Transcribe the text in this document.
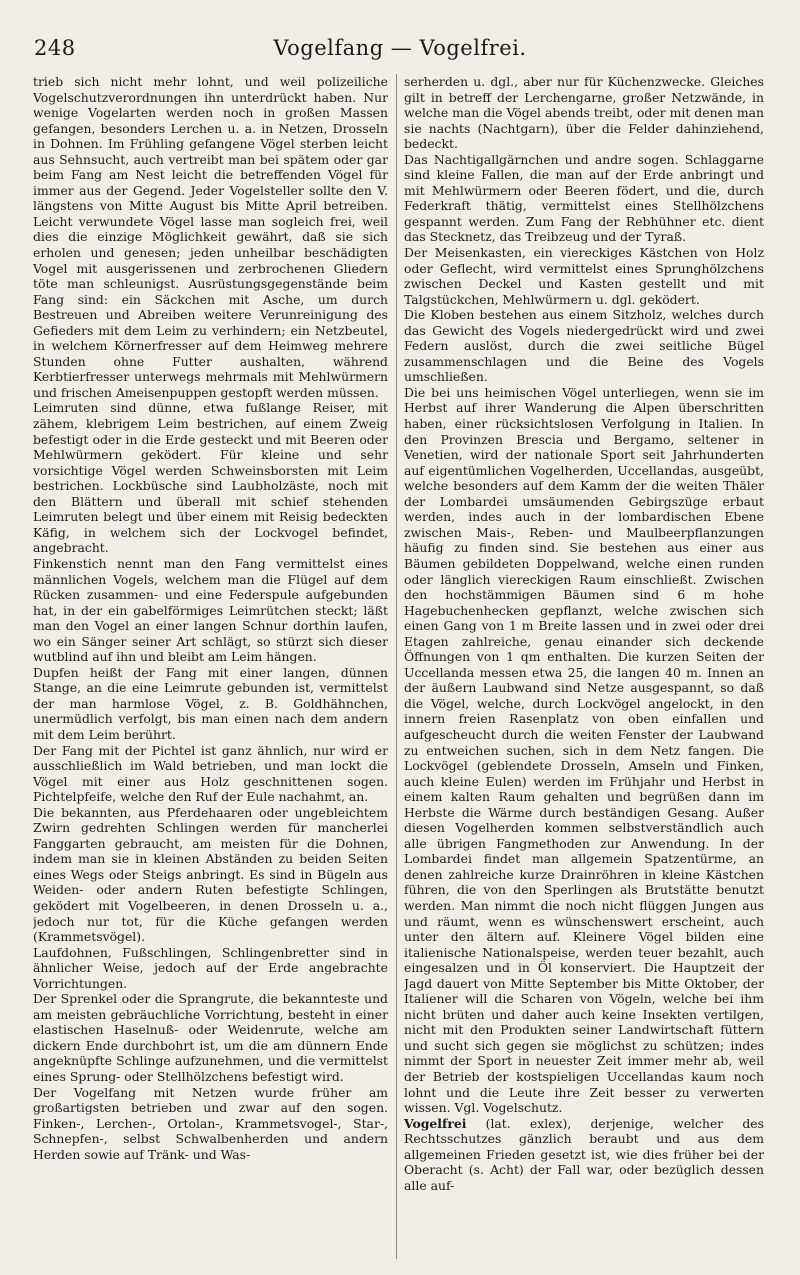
248	Vogelfang — Vogelfrei.

trieb sich nicht mehr lohnt, und weil polizeiliche Vogelschutzverordnungen ihn unterdrückt haben. Nur wenige Vogelarten werden noch in großen Massen gefangen, besonders Lerchen u. a. in Netzen, Drosseln in Dohnen. Im Frühling gefangene Vögel sterben leicht aus Sehnsucht, auch vertreibt man bei spätem oder gar beim Fang am Nest leicht die betreffenden Vögel für immer aus der Gegend. Jeder Vogelsteller sollte den V. längstens von Mitte August bis Mitte April betreiben. Leicht verwundete Vögel lasse man sogleich frei, weil dies die einzige Möglichkeit gewährt, daß sie sich erholen und genesen; jeden unheilbar beschädigten Vogel mit ausgerissenen und zerbrochenen Gliedern töte man schleunigst. Ausrüstungsgegenstände beim Fang sind: ein Säckchen mit Asche, um durch Bestreuen und Abreiben weitere Verunreinigung des Gefieders mit dem Leim zu verhindern; ein Netzbeutel, in welchem Körnerfresser auf dem Heimweg mehrere Stunden ohne Futter aushalten, während Kerbtierfresser unterwegs mehrmals mit Mehlwürmern und frischen Ameisenpuppen gestopft werden müssen.

Leimruten sind dünne, etwa fußlange Reiser, mit zähem, klebrigem Leim bestrichen, auf einem Zweig befestigt oder in die Erde gesteckt und mit Beeren oder Mehlwürmern geködert. Für kleine und sehr vorsichtige Vögel werden Schweinsborsten mit Leim bestrichen. Lockbüsche sind Laubholzäste, noch mit den Blättern und überall mit schief stehenden Leimruten belegt und über einem mit Reisig bedeckten Käfig, in welchem sich der Lockvogel befindet, angebracht.

Finkenstich nennt man den Fang vermittelst eines männlichen Vogels, welchem man die Flügel auf dem Rücken zusammen- und eine Federspule aufgebunden hat, in der ein gabelförmiges Leimrütchen steckt; läßt man den Vogel an einer langen Schnur dorthin laufen, wo ein Sänger seiner Art schlägt, so stürzt sich dieser wutblind auf ihn und bleibt am Leim hängen.

Dupfen heißt der Fang mit einer langen, dünnen Stange, an die eine Leimrute gebunden ist, vermittelst der man harmlose Vögel, z. B. Goldhähnchen, unermüdlich verfolgt, bis man einen nach dem andern mit dem Leim berührt.

Der Fang mit der Pichtel ist ganz ähnlich, nur wird er ausschließlich im Wald betrieben, und man lockt die Vögel mit einer aus Holz geschnittenen sogen. Pichtelpfeife, welche den Ruf der Eule nachahmt, an.

Die bekannten, aus Pferdehaaren oder ungebleichtem Zwirn gedrehten Schlingen werden für mancherlei Fanggarten gebraucht, am meisten für die Dohnen, indem man sie in kleinen Abständen zu beiden Seiten eines Wegs oder Steigs anbringt. Es sind in Bügeln aus Weiden- oder andern Ruten befestigte Schlingen, geködert mit Vogelbeeren, in denen Drosseln u. a., jedoch nur tot, für die Küche gefangen werden (Krammetsvögel).

Laufdohnen, Fußschlingen, Schlingenbretter sind in ähnlicher Weise, jedoch auf der Erde angebrachte Vorrichtungen.

Der Sprenkel oder die Sprangrute, die bekannteste und am meisten gebräuchliche Vorrichtung, besteht in einer elastischen Haselnuß- oder Weidenrute, welche am dickern Ende durchbohrt ist, um die am dünnern Ende angeknüpfte Schlinge aufzunehmen, und die vermittelst eines Sprung- oder Stellhölzchens befestigt wird.

Der Vogelfang mit Netzen wurde früher am großartigsten betrieben und zwar auf den sogen. Finken-, Lerchen-, Ortolan-, Krammetsvogel-, Star-, Schnepfen-, selbst Schwalbenherden und andern Herden sowie auf Tränk- und Was-

serherden u. dgl., aber nur für Küchenzwecke. Gleiches gilt in betreff der Lerchengarne, großer Netzwände, in welche man die Vögel abends treibt, oder mit denen man sie nachts (Nachtgarn), über die Felder dahinziehend, bedeckt.

Das Nachtigallgärnchen und andre sogen. Schlaggarne sind kleine Fallen, die man auf der Erde anbringt und mit Mehlwürmern oder Beeren födert, und die, durch Federkraft thätig, vermittelst eines Stellhölzchens gespannt werden. Zum Fang der Rebhühner etc. dient das Stecknetz, das Treibzeug und der Tyraß.

Der Meisenkasten, ein viereckiges Kästchen von Holz oder Geflecht, wird vermittelst eines Sprunghölzchens zwischen Deckel und Kasten gestellt und mit Talgstückchen, Mehlwürmern u. dgl. geködert.

Die Kloben bestehen aus einem Sitzholz, welches durch das Gewicht des Vogels niedergedrückt wird und zwei Federn auslöst, durch die zwei seitliche Bügel zusammenschlagen und die Beine des Vogels umschließen.

Die bei uns heimischen Vögel unterliegen, wenn sie im Herbst auf ihrer Wanderung die Alpen überschritten haben, einer rücksichtslosen Verfolgung in Italien. In den Provinzen Brescia und Bergamo, seltener in Venetien, wird der nationale Sport seit Jahrhunderten auf eigentümlichen Vogelherden, Uccellandas, ausgeübt, welche besonders auf dem Kamm der die weiten Thäler der Lombardei umsäumenden Gebirgszüge erbaut werden, indes auch in der lombardischen Ebene zwischen Mais-, Reben- und Maulbeerpflanzungen häufig zu finden sind. Sie bestehen aus einer aus Bäumen gebildeten Doppelwand, welche einen runden oder länglich viereckigen Raum einschließt. Zwischen den hochstämmigen Bäumen sind 6 m hohe Hagebuchenhecken gepflanzt, welche zwischen sich einen Gang von 1 m Breite lassen und in zwei oder drei Etagen zahlreiche, genau einander sich deckende Öffnungen von 1 qm enthalten. Die kurzen Seiten der Uccellanda messen etwa 25, die langen 40 m. Innen an der äußern Laubwand sind Netze ausgespannt, so daß die Vögel, welche, durch Lockvögel angelockt, in den innern freien Rasenplatz von oben einfallen und aufgescheucht durch die weiten Fenster der Laubwand zu entweichen suchen, sich in dem Netz fangen. Die Lockvögel (geblendete Drosseln, Amseln und Finken, auch kleine Eulen) werden im Frühjahr und Herbst in einem kalten Raum gehalten und begrüßen dann im Herbste die Wärme durch beständigen Gesang. Außer diesen Vogelherden kommen selbstverständlich auch alle übrigen Fangmethoden zur Anwendung. In der Lombardei findet man allgemein Spatzentürme, an denen zahlreiche kurze Drainröhren in kleine Kästchen führen, die von den Sperlingen als Brutstätte benutzt werden. Man nimmt die noch nicht flüggen Jungen aus und räumt, wenn es wünschenswert erscheint, auch unter den ältern auf. Kleinere Vögel bilden eine italienische Nationalspeise, werden teuer bezahlt, auch eingesalzen und in Öl konserviert. Die Hauptzeit der Jagd dauert von Mitte September bis Mitte Oktober, der Italiener will die Scharen von Vögeln, welche bei ihm nicht brüten und daher auch keine Insekten vertilgen, nicht mit den Produkten seiner Landwirtschaft füttern und sucht sich gegen sie möglichst zu schützen; indes nimmt der Sport in neuester Zeit immer mehr ab, weil der Betrieb der kostspieligen Uccellandas kaum noch lohnt und die Leute ihre Zeit besser zu verwerten wissen. Vgl. Vogelschutz.

Vogelfrei (lat. exlex), derjenige, welcher des Rechtsschutzes gänzlich beraubt und aus dem allgemeinen Frieden gesetzt ist, wie dies früher bei der Oberacht (s. Acht) der Fall war, oder bezüglich dessen alle auf-
